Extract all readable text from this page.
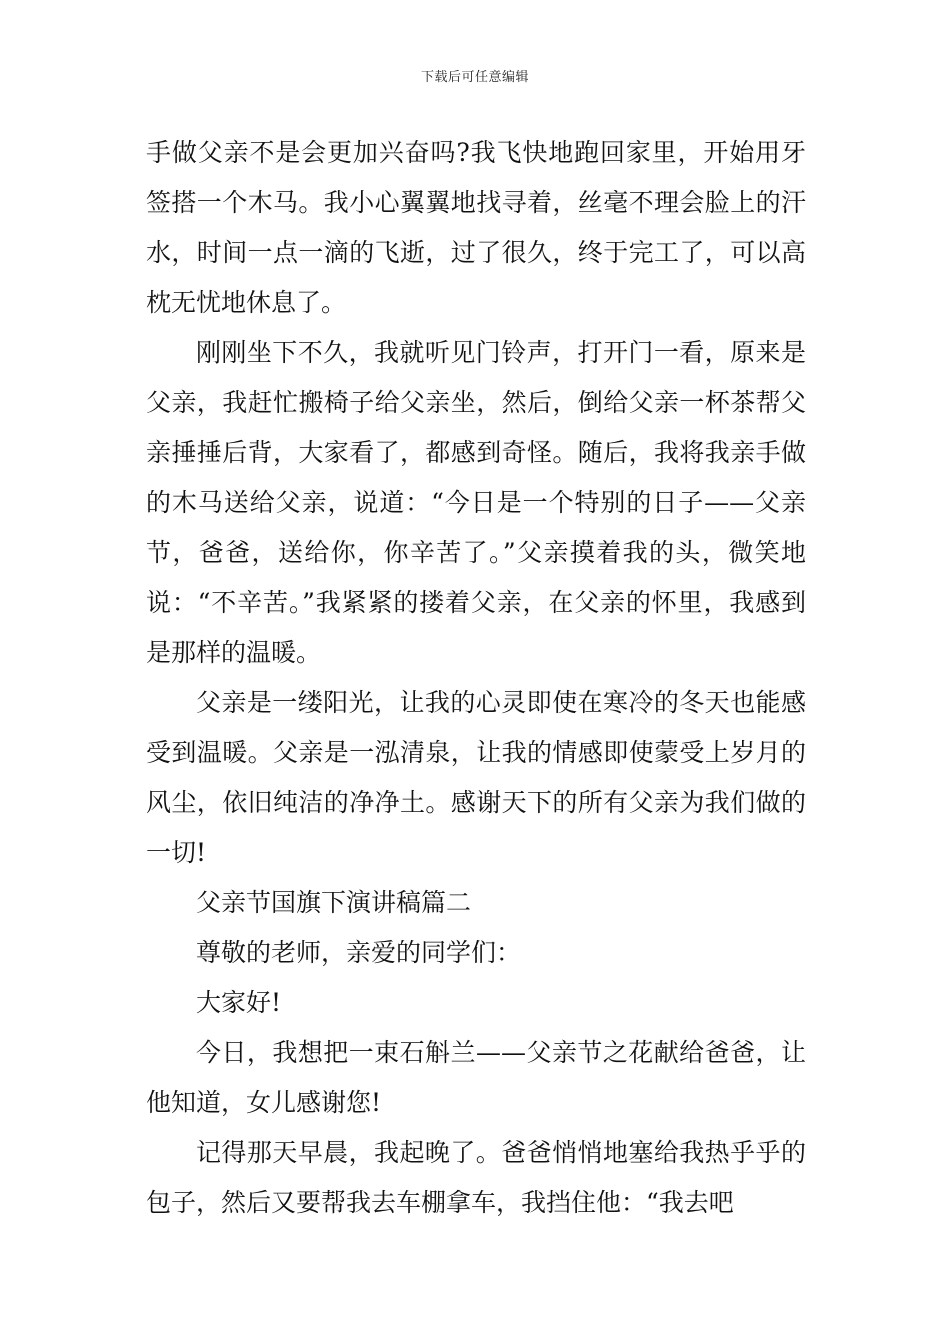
下载后可任意编辑

手做父亲不是会更加兴奋吗?我飞快地跑回家里，开始用牙签搭一个木马。我小心翼翼地找寻着，丝毫不理会脸上的汗水，时间一点一滴的飞逝，过了很久，终于完工了，可以高枕无忧地休息了。

刚刚坐下不久，我就听见门铃声，打开门一看，原来是父亲，我赶忙搬椅子给父亲坐，然后，倒给父亲一杯茶帮父亲捶捶后背，大家看了，都感到奇怪。随后，我将我亲手做的木马送给父亲，说道：“今日是一个特别的日子——父亲节，爸爸，送给你，你辛苦了。”父亲摸着我的头，微笑地说：“不辛苦。”我紧紧的搂着父亲，在父亲的怀里，我感到是那样的温暖。

父亲是一缕阳光，让我的心灵即使在寒冷的冬天也能感受到温暖。父亲是一泓清泉，让我的情感即使蒙受上岁月的风尘，依旧纯洁的净净土。感谢天下的所有父亲为我们做的一切!

父亲节国旗下演讲稿篇二

尊敬的老师，亲爱的同学们：

大家好!

今日，我想把一束石斛兰——父亲节之花献给爸爸，让他知道，女儿感谢您!

记得那天早晨，我起晚了。爸爸悄悄地塞给我热乎乎的包子，然后又要帮我去车棚拿车，我挡住他：“我去吧
